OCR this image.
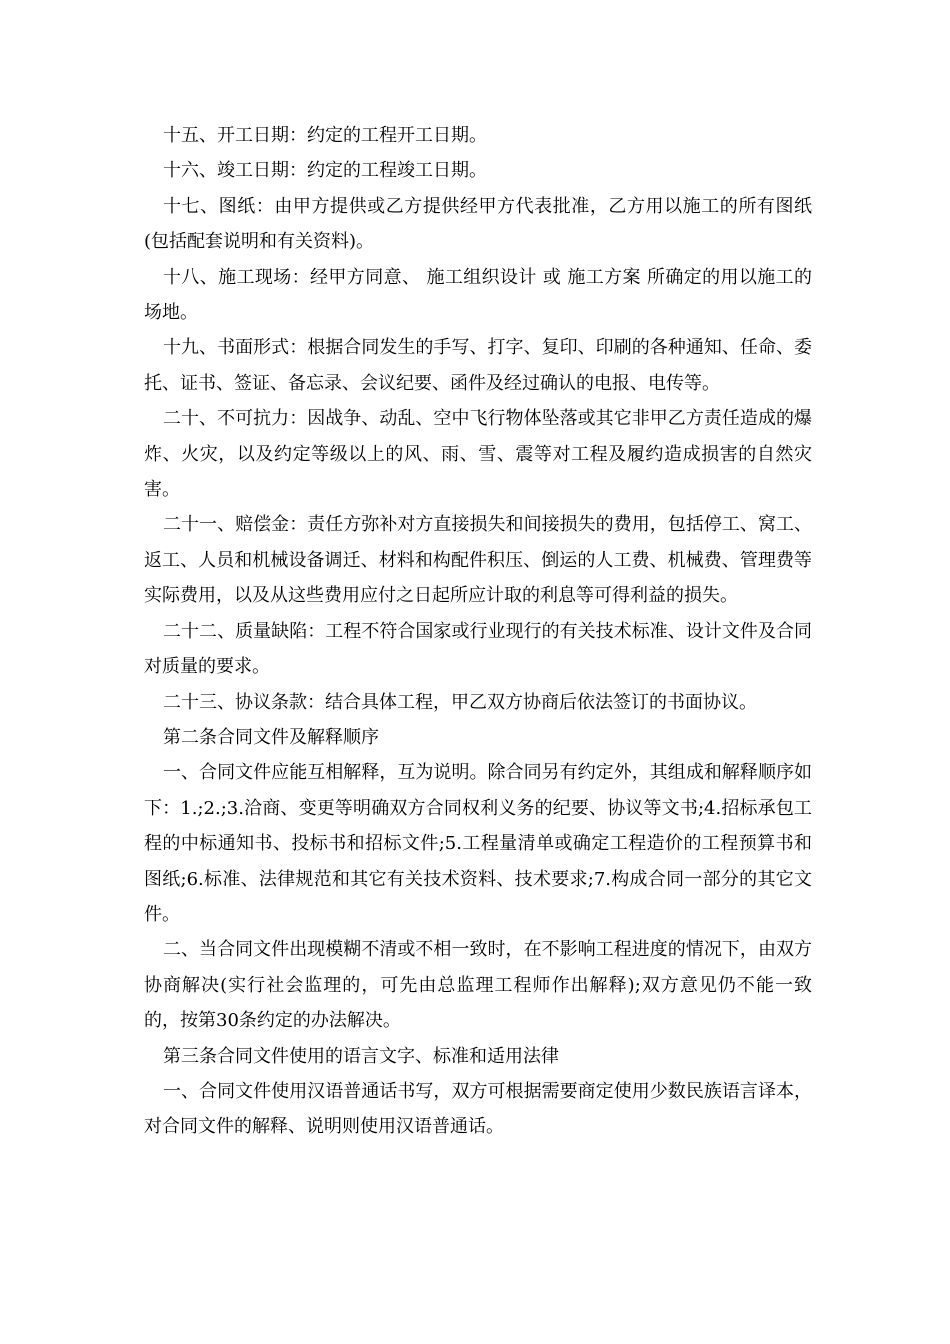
十五、开工日期：约定的工程开工日期。

十六、竣工日期：约定的工程竣工日期。

十七、图纸：由甲方提供或乙方提供经甲方代表批准，乙方用以施工的所有图纸(包括配套说明和有关资料)。

十八、施工现场：经甲方同意、 施工组织设计 或 施工方案 所确定的用以施工的场地。

十九、书面形式：根据合同发生的手写、打字、复印、印刷的各种通知、任命、委托、证书、签证、备忘录、会议纪要、函件及经过确认的电报、电传等。

二十、不可抗力：因战争、动乱、空中飞行物体坠落或其它非甲乙方责任造成的爆炸、火灾，以及约定等级以上的风、雨、雪、震等对工程及履约造成损害的自然灾害。

二十一、赔偿金：责任方弥补对方直接损失和间接损失的费用，包括停工、窝工、返工、人员和机械设备调迁、材料和构配件积压、倒运的人工费、机械费、管理费等实际费用，以及从这些费用应付之日起所应计取的利息等可得利益的损失。

二十二、质量缺陷：工程不符合国家或行业现行的有关技术标准、设计文件及合同对质量的要求。

二十三、协议条款：结合具体工程，甲乙双方协商后依法签订的书面协议。

第二条合同文件及解释顺序

一、合同文件应能互相解释，互为说明。除合同另有约定外，其组成和解释顺序如下：1.;2.;3.洽商、变更等明确双方合同权利义务的纪要、协议等文书;4.招标承包工程的中标通知书、投标书和招标文件;5.工程量清单或确定工程造价的工程预算书和图纸;6.标准、法律规范和其它有关技术资料、技术要求;7.构成合同一部分的其它文件。

二、当合同文件出现模糊不清或不相一致时，在不影响工程进度的情况下，由双方协商解决(实行社会监理的，可先由总监理工程师作出解释);双方意见仍不能一致的，按第30条约定的办法解决。

第三条合同文件使用的语言文字、标准和适用法律

一、合同文件使用汉语普通话书写，双方可根据需要商定使用少数民族语言译本，对合同文件的解释、说明则使用汉语普通话。
